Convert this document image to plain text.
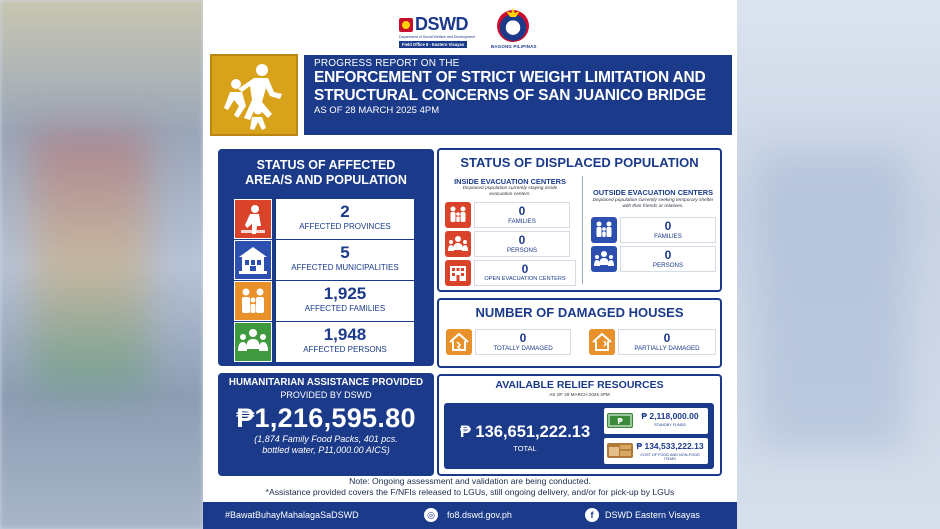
DSWD
Department of Social Welfare and Development
Field Office 8 - Eastern Visayas	BAGONG PILIPINAS
PROGRESS REPORT ON THE
ENFORCEMENT OF STRICT WEIGHT LIMITATION AND STRUCTURAL CONCERNS OF SAN JUANICO BRIDGE
AS OF 28 MARCH 2025 4PM
STATUS OF AFFECTED
AREA/S AND POPULATION
2
AFFECTED PROVINCES
5
AFFECTED MUNICIPALITIES
1,925
AFFECTED FAMILIES
1,948
AFFECTED PERSONS
STATUS OF DISPLACED POPULATION
INSIDE EVACUATION CENTERS
Displaced population currently staying inside evacuation centers.
0
FAMILIES
0
PERSONS
0
OPEN EVACUATION CENTERS
OUTSIDE EVACUATION CENTERS
Displaced population currently seeking temporary shelter with their friends or relatives.
0
FAMILIES
0
PERSONS
NUMBER OF DAMAGED HOUSES
0
TOTALLY DAMAGED
0
PARTIALLY DAMAGED
HUMANITARIAN ASSISTANCE PROVIDED
PROVIDED BY DSWD
₱1,216,595.80
(1,874 Family Food Packs, 401 pcs.
bottled water, P11,000.00 AICS)
AVAILABLE RELIEF RESOURCES
AS OF 28 MARCH 2025 4PM
₱ 136,651,222.13
TOTAL
₱
₱ 2,118,000.00
STANDBY FUNDS
₱ 134,533,222.13
COST OF FOOD AND NON-FOOD ITEMS
Note: Ongoing assessment and validation are being conducted.
*Assistance provided covers the F/NFIs released to LGUs, still ongoing delivery, and/or for pick-up by LGUs
#BawatBuhayMahalagaSaDSWD	◎	fo8.dswd.gov.ph	f	DSWD Eastern Visayas
